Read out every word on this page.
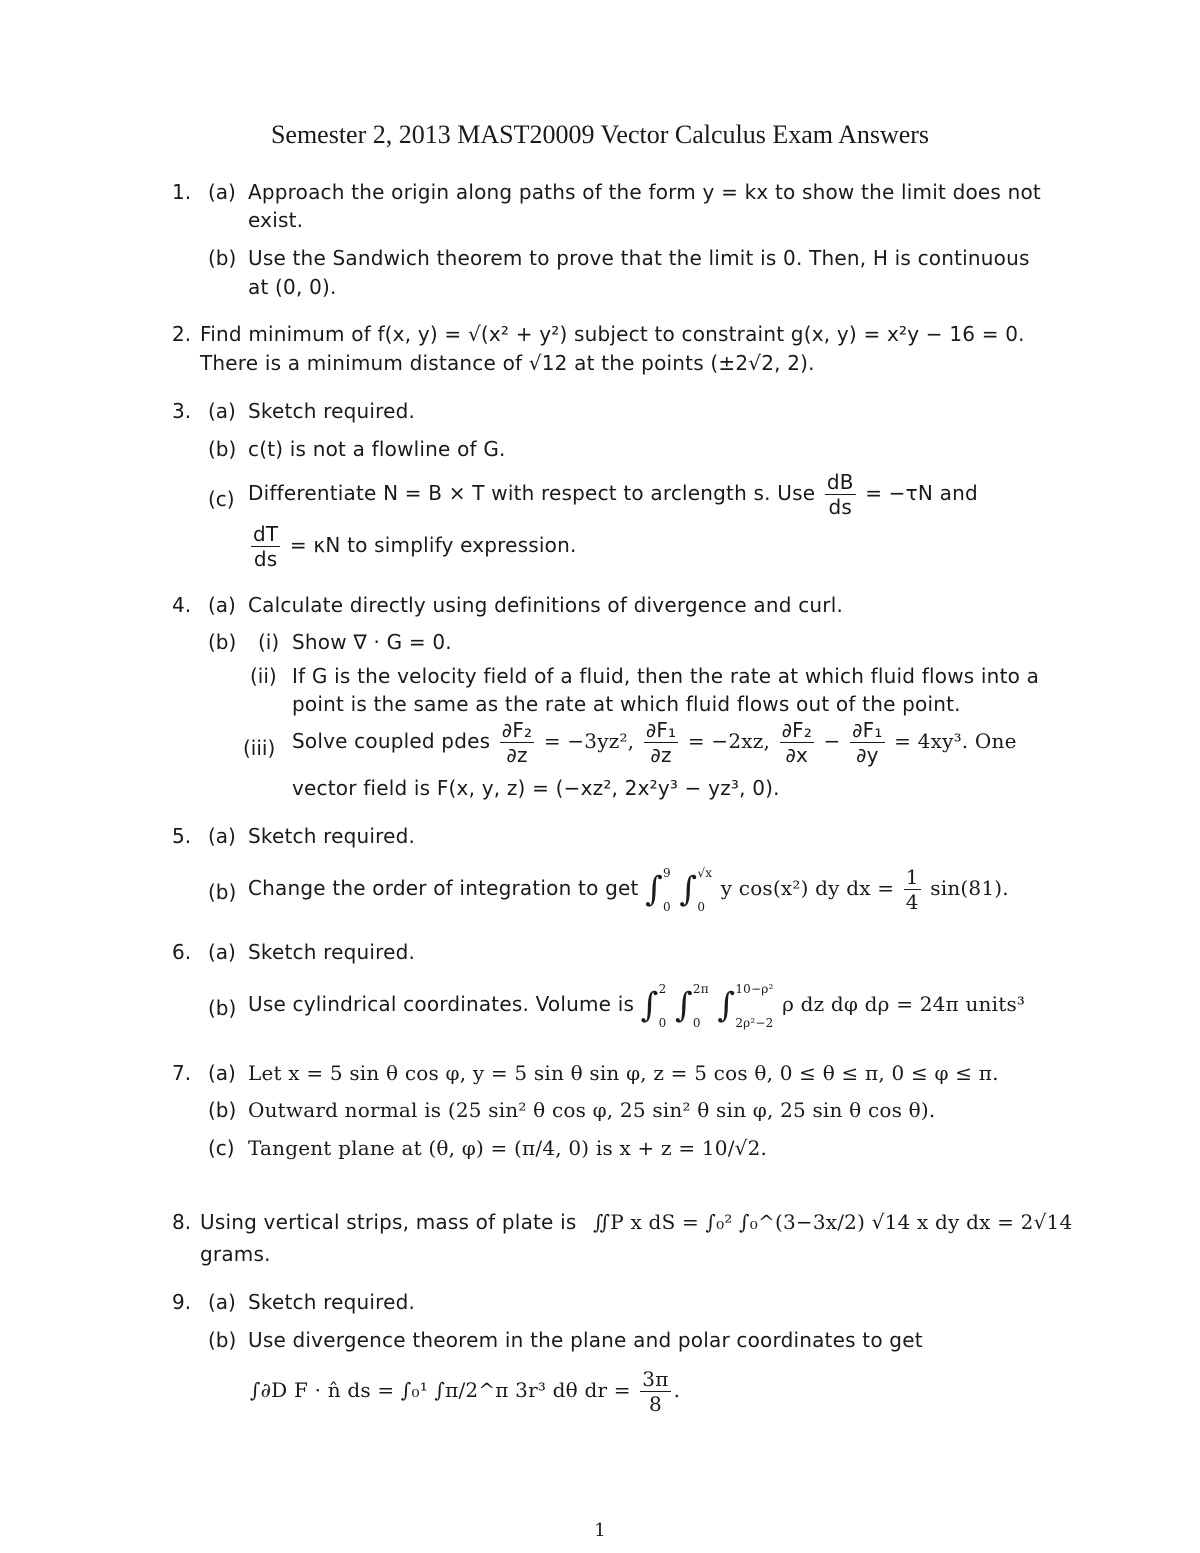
Semester 2, 2013 MAST20009 Vector Calculus Exam Answers
1. (a) Approach the origin along paths of the form y = kx to show the limit does not
exist.
(b) Use the Sandwich theorem to prove that the limit is 0. Then, H is continuous
at (0, 0).
2. Find minimum of f(x, y) = √(x² + y²) subject to constraint g(x, y) = x²y − 16 = 0.
There is a minimum distance of √12 at the points (±2√2, 2).
3. (a) Sketch required.
(b) c(t) is not a flowline of G.
(c) Differentiate N = B × T with respect to arclength s. Use $\frac{dB}{ds} = -\tau N$ and
$\frac{dT}{ds} = \kappa N$ to simplify expression.
4. (a) Calculate directly using definitions of divergence and curl.
(b) (i) Show ∇ · G = 0.
(ii) If G is the velocity field of a fluid, then the rate at which fluid flows into a
point is the same as the rate at which fluid flows out of the point.
(iii) Solve coupled pdes $\frac{\text{∂F₂}}{\partial z} = -3yz^2$, $\frac{\text{∂F₁}}{\partial z} = -2xz$, $\frac{\text{∂F₂}}{\partial x} - \frac{\text{∂F₁}}{\partial y} = 4xy^3$. One
vector field is F(x, y, z) = (−xz², 2x²y³ − yz³, 0).
5. (a) Sketch required.
(b) Change the order of integration to get ∫ 9
0 ∫ √x
0
y cos(x²) dy dx = $\frac{1}{4} \sin(81)$.
6. (a) Sketch required.
(b) Use cylindrical coordinates. Volume is ∫ 2
0 ∫ 2π
0 ∫ 10−ρ²
2ρ²−2
ρ dz dφ dρ = 24π units³
7. (a) Let x = 5 sin θ cos φ, y = 5 sin θ sin φ, z = 5 cos θ, 0 ≤ θ ≤ π, 0 ≤ φ ≤ π.
(b) Outward normal is (25 sin² θ cos φ, 25 sin² θ sin φ, 25 sin θ cos θ).
(c) Tangent plane at (θ, φ) = (π/4, 0) is x + z = 10/√2.
8. Using vertical strips, mass of plate is ∬P x dS = ∫₀² ∫₀^(3−3x/2) √14 x dy dx = 2√14
grams.
9. (a) Sketch required.
(b) Use divergence theorem in the plane and polar coordinates to get
∫∂D F · n̂ ds = ∫₀¹ ∫π/2^π 3r³ dθ dr = $\frac{3\pi}{8}$ .
1
